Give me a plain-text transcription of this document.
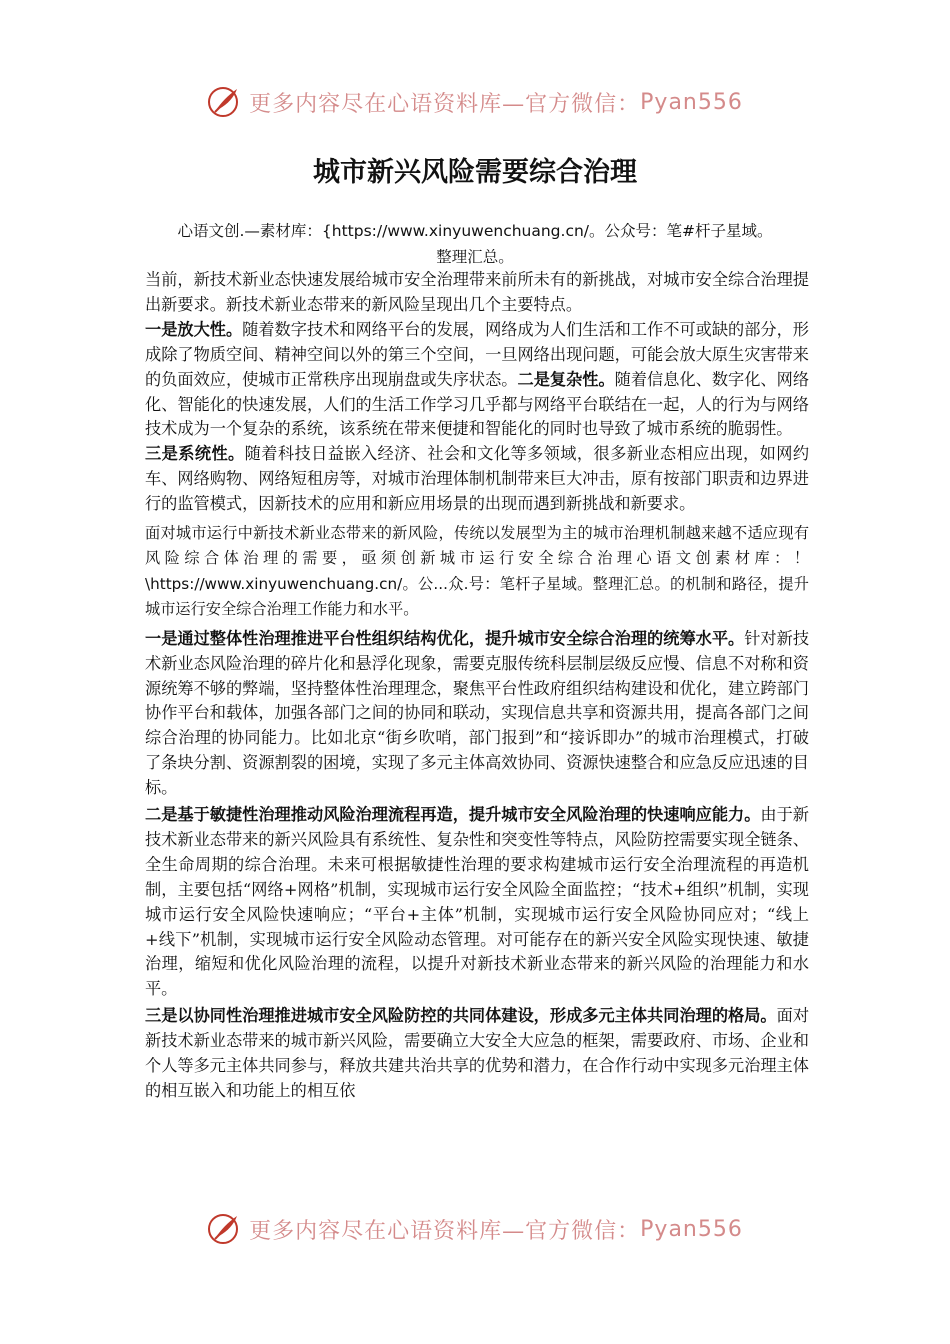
更多内容尽在心语资料库—官方微信： Pyan556
城市新兴风险需要综合治理
心语文创.—素材库：{https://www.xinyuwenchuang.cn/。公众号：笔#杆子星域。
整理汇总。

当前，新技术新业态快速发展给城市安全治理带来前所未有的新挑战，对城市安全综合治理提出新要求。新技术新业态带来的新风险呈现出几个主要特点。

一是放大性。随着数字技术和网络平台的发展，网络成为人们生活和工作不可或缺的部分，形成除了物质空间、精神空间以外的第三个空间，一旦网络出现问题，可能会放大原生灾害带来的负面效应，使城市正常秩序出现崩盘或失序状态。二是复杂性。随着信息化、数字化、网络化、智能化的快速发展，人们的生活工作学习几乎都与网络平台联结在一起，人的行为与网络技术成为一个复杂的系统，该系统在带来便捷和智能化的同时也导致了城市系统的脆弱性。

三是系统性。随着科技日益嵌入经济、社会和文化等多领域，很多新业态相应出现，如网约车、网络购物、网络短租房等，对城市治理体制机制带来巨大冲击，原有按部门职责和边界进行的监管模式，因新技术的应用和新应用场景的出现而遇到新挑战和新要求。

面对城市运行中新技术新业态带来的新风险，传统以发展型为主的城市治理机制越来越不适应现有风险综合体治理的需要，亟须创新城市运行安全综合治理心语文创素材库：！\https://www.xinyuwenchuang.cn/。公...众.号：笔杆子星域。整理汇总。的机制和路径，提升城市运行安全综合治理工作能力和水平。

一是通过整体性治理推进平台性组织结构优化，提升城市安全综合治理的统筹水平。针对新技术新业态风险治理的碎片化和悬浮化现象，需要克服传统科层制层级反应慢、信息不对称和资源统筹不够的弊端，坚持整体性治理理念，聚焦平台性政府组织结构建设和优化，建立跨部门协作平台和载体，加强各部门之间的协同和联动，实现信息共享和资源共用，提高各部门之间综合治理的协同能力。比如北京“街乡吹哨，部门报到”和“接诉即办”的城市治理模式，打破了条块分割、资源割裂的困境，实现了多元主体高效协同、资源快速整合和应急反应迅速的目标。

二是基于敏捷性治理推动风险治理流程再造，提升城市安全风险治理的快速响应能力。由于新技术新业态带来的新兴风险具有系统性、复杂性和突变性等特点，风险防控需要实现全链条、全生命周期的综合治理。未来可根据敏捷性治理的要求构建城市运行安全治理流程的再造机制，主要包括“网络+网格”机制，实现城市运行安全风险全面监控；“技术+组织”机制，实现城市运行安全风险快速响应；“平台+主体”机制，实现城市运行安全风险协同应对；“线上+线下”机制，实现城市运行安全风险动态管理。对可能存在的新兴安全风险实现快速、敏捷治理，缩短和优化风险治理的流程，以提升对新技术新业态带来的新兴风险的治理能力和水平。

三是以协同性治理推进城市安全风险防控的共同体建设，形成多元主体共同治理的格局。面对新技术新业态带来的城市新兴风险，需要确立大安全大应急的框架，需要政府、市场、企业和个人等多元主体共同参与，释放共建共治共享的优势和潜力，在合作行动中实现多元治理主体的相互嵌入和功能上的相互依

更多内容尽在心语资料库—官方微信： Pyan556
